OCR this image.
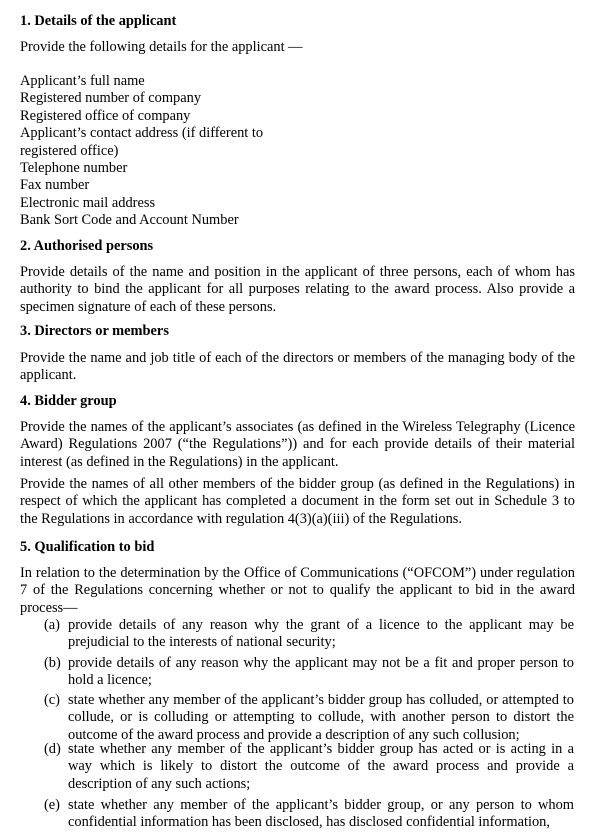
1. Details of the applicant
Provide the following details for the applicant —
Applicant’s full name
Registered number of company
Registered office of company
Applicant’s contact address (if different to
registered office)
Telephone number
Fax number
Electronic mail address
Bank Sort Code and Account Number
2. Authorised persons
Provide details of the name and position in the applicant of three persons, each of whom has authority to bind the applicant for all purposes relating to the award process. Also provide a specimen signature of each of these persons.
3. Directors or members
Provide the name and job title of each of the directors or members of the managing body of the applicant.
4. Bidder group
Provide the names of the applicant’s associates (as defined in the Wireless Telegraphy (Licence Award) Regulations 2007 (“the Regulations”)) and for each provide details of their material interest (as defined in the Regulations) in the applicant.
Provide the names of all other members of the bidder group (as defined in the Regulations) in respect of which the applicant has completed a document in the form set out in Schedule 3 to the Regulations in accordance with regulation 4(3)(a)(iii) of the Regulations.
5. Qualification to bid
In relation to the determination by the Office of Communications (“OFCOM”) under regulation 7 of the Regulations concerning whether or not to qualify the applicant to bid in the award process—
(a) provide details of any reason why the grant of a licence to the applicant may be prejudicial to the interests of national security;
(b) provide details of any reason why the applicant may not be a fit and proper person to hold a licence;
(c) state whether any member of the applicant’s bidder group has colluded, or attempted to collude, or is colluding or attempting to collude, with another person to distort the outcome of the award process and provide a description of any such collusion;
(d) state whether any member of the applicant’s bidder group has acted or is acting in a way which is likely to distort the outcome of the award process and provide a description of any such actions;
(e) state whether any member of the applicant’s bidder group, or any person to whom confidential information has been disclosed, has disclosed confidential information,
